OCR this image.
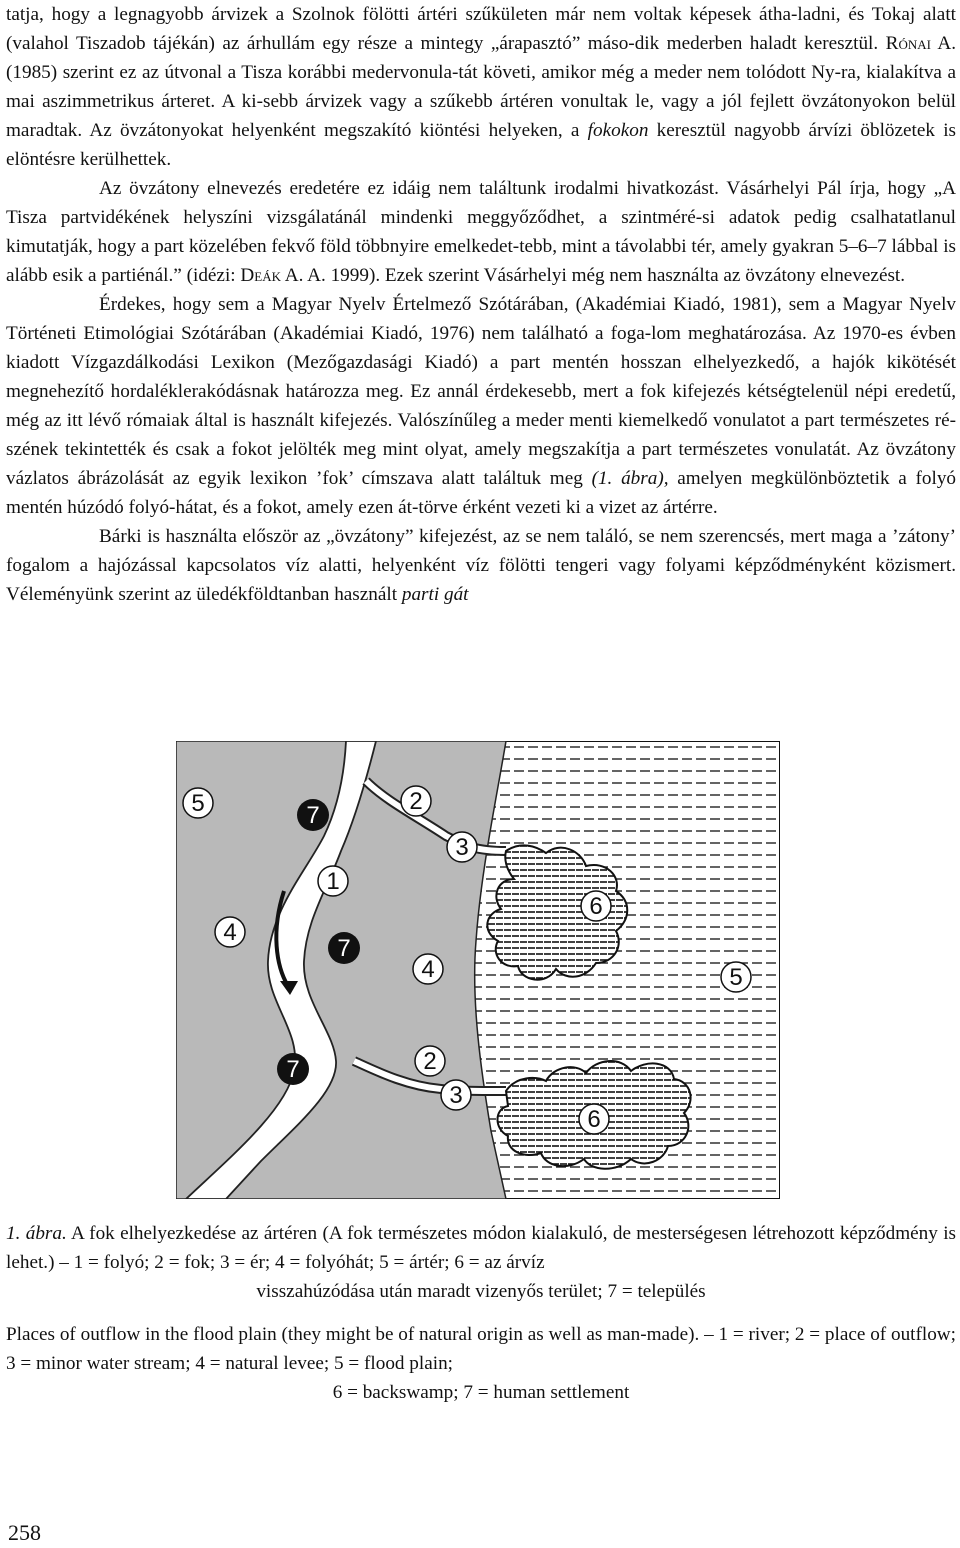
tatja, hogy a legnagyobb árvizek a Szolnok fölötti ártéri szűkületen már nem voltak képesek átha-ladni, és Tokaj alatt (valahol Tiszadob tájékán) az árhullám egy része a mintegy „árapasztó” máso-dik mederben haladt keresztül. Rónai A. (1985) szerint ez az útvonal a Tisza korábbi medervonula-tát követi, amikor még a meder nem tolódott Ny-ra, kialakítva a mai aszimmetrikus árteret. A ki-sebb árvizek vagy a szűkebb ártéren vonultak le, vagy a jól fejlett övzátonyokon belül maradtak. Az övzátonyokat helyenként megszakító kiöntési helyeken, a fokokon keresztül nagyobb árvízi öblözetek is elöntésre kerülhettek.

Az övzátony elnevezés eredetére ez idáig nem találtunk irodalmi hivatkozást. Vásárhelyi Pál írja, hogy „A Tisza partvidékének helyszíni vizsgálatánál mindenki meggyőződhet, a szintméré-si adatok pedig csalhatatlanul kimutatják, hogy a part közelében fekvő föld többnyire emelkedet-tebb, mint a távolabbi tér, amely gyakran 5–6–7 lábbal is alább esik a partiénál.” (idézi: Deák A. A. 1999). Ezek szerint Vásárhelyi még nem használta az övzátony elnevezést.

Érdekes, hogy sem a Magyar Nyelv Értelmező Szótárában, (Akadémiai Kiadó, 1981), sem a Magyar Nyelv Történeti Etimológiai Szótárában (Akadémiai Kiadó, 1976) nem található a foga-lom meghatározása. Az 1970-es évben kiadott Vízgazdálkodási Lexikon (Mezőgazdasági Kiadó) a part mentén hosszan elhelyezkedő, a hajók kikötését megnehezítő hordaléklerakódásnak határozza meg. Ez annál érdekesebb, mert a fok kifejezés kétségtelenül népi eredetű, még az itt lévő rómaiak által is használt kifejezés. Valószínűleg a meder menti kiemelkedő vonulatot a part természetes ré-szének tekintették és csak a fokot jelölték meg mint olyat, amely megszakítja a part természetes vonulatát. Az övzátony vázlatos ábrázolását az egyik lexikon ’fok’ címszava alatt találtuk meg (1. ábra), amelyen megkülönböztetik a folyó mentén húzódó folyó-hátat, és a fokot, amely ezen át-törve érként vezeti ki a vizet az ártérre.

Bárki is használta először az „övzátony” kifejezést, az se nem találó, se nem szerencsés, mert maga a ’zátony’ fogalom a hajózással kapcsolatos víz alatti, helyenként víz fölötti tengeri vagy folyami képződményként közismert. Véleményünk szerint az üledékföldtanban használt parti gát

5	7
2
3
1
6
4
7
4	5
7	2
3
6
1. ábra. A fok elhelyezkedése az ártéren (A fok természetes módon kialakuló, de mesterségesen létrehozott képződmény is lehet.) – 1 = folyó; 2 = fok; 3 = ér; 4 = folyóhát; 5 = ártér; 6 = az árvíz
visszahúzódása után maradt vizenyős terület; 7 = település
Places of outflow in the flood plain (they might be of natural origin as well as man-made). – 1 = river; 2 = place of outflow; 3 = minor water stream; 4 = natural levee; 5 = flood plain;
6 = backswamp; 7 = human settlement
258
